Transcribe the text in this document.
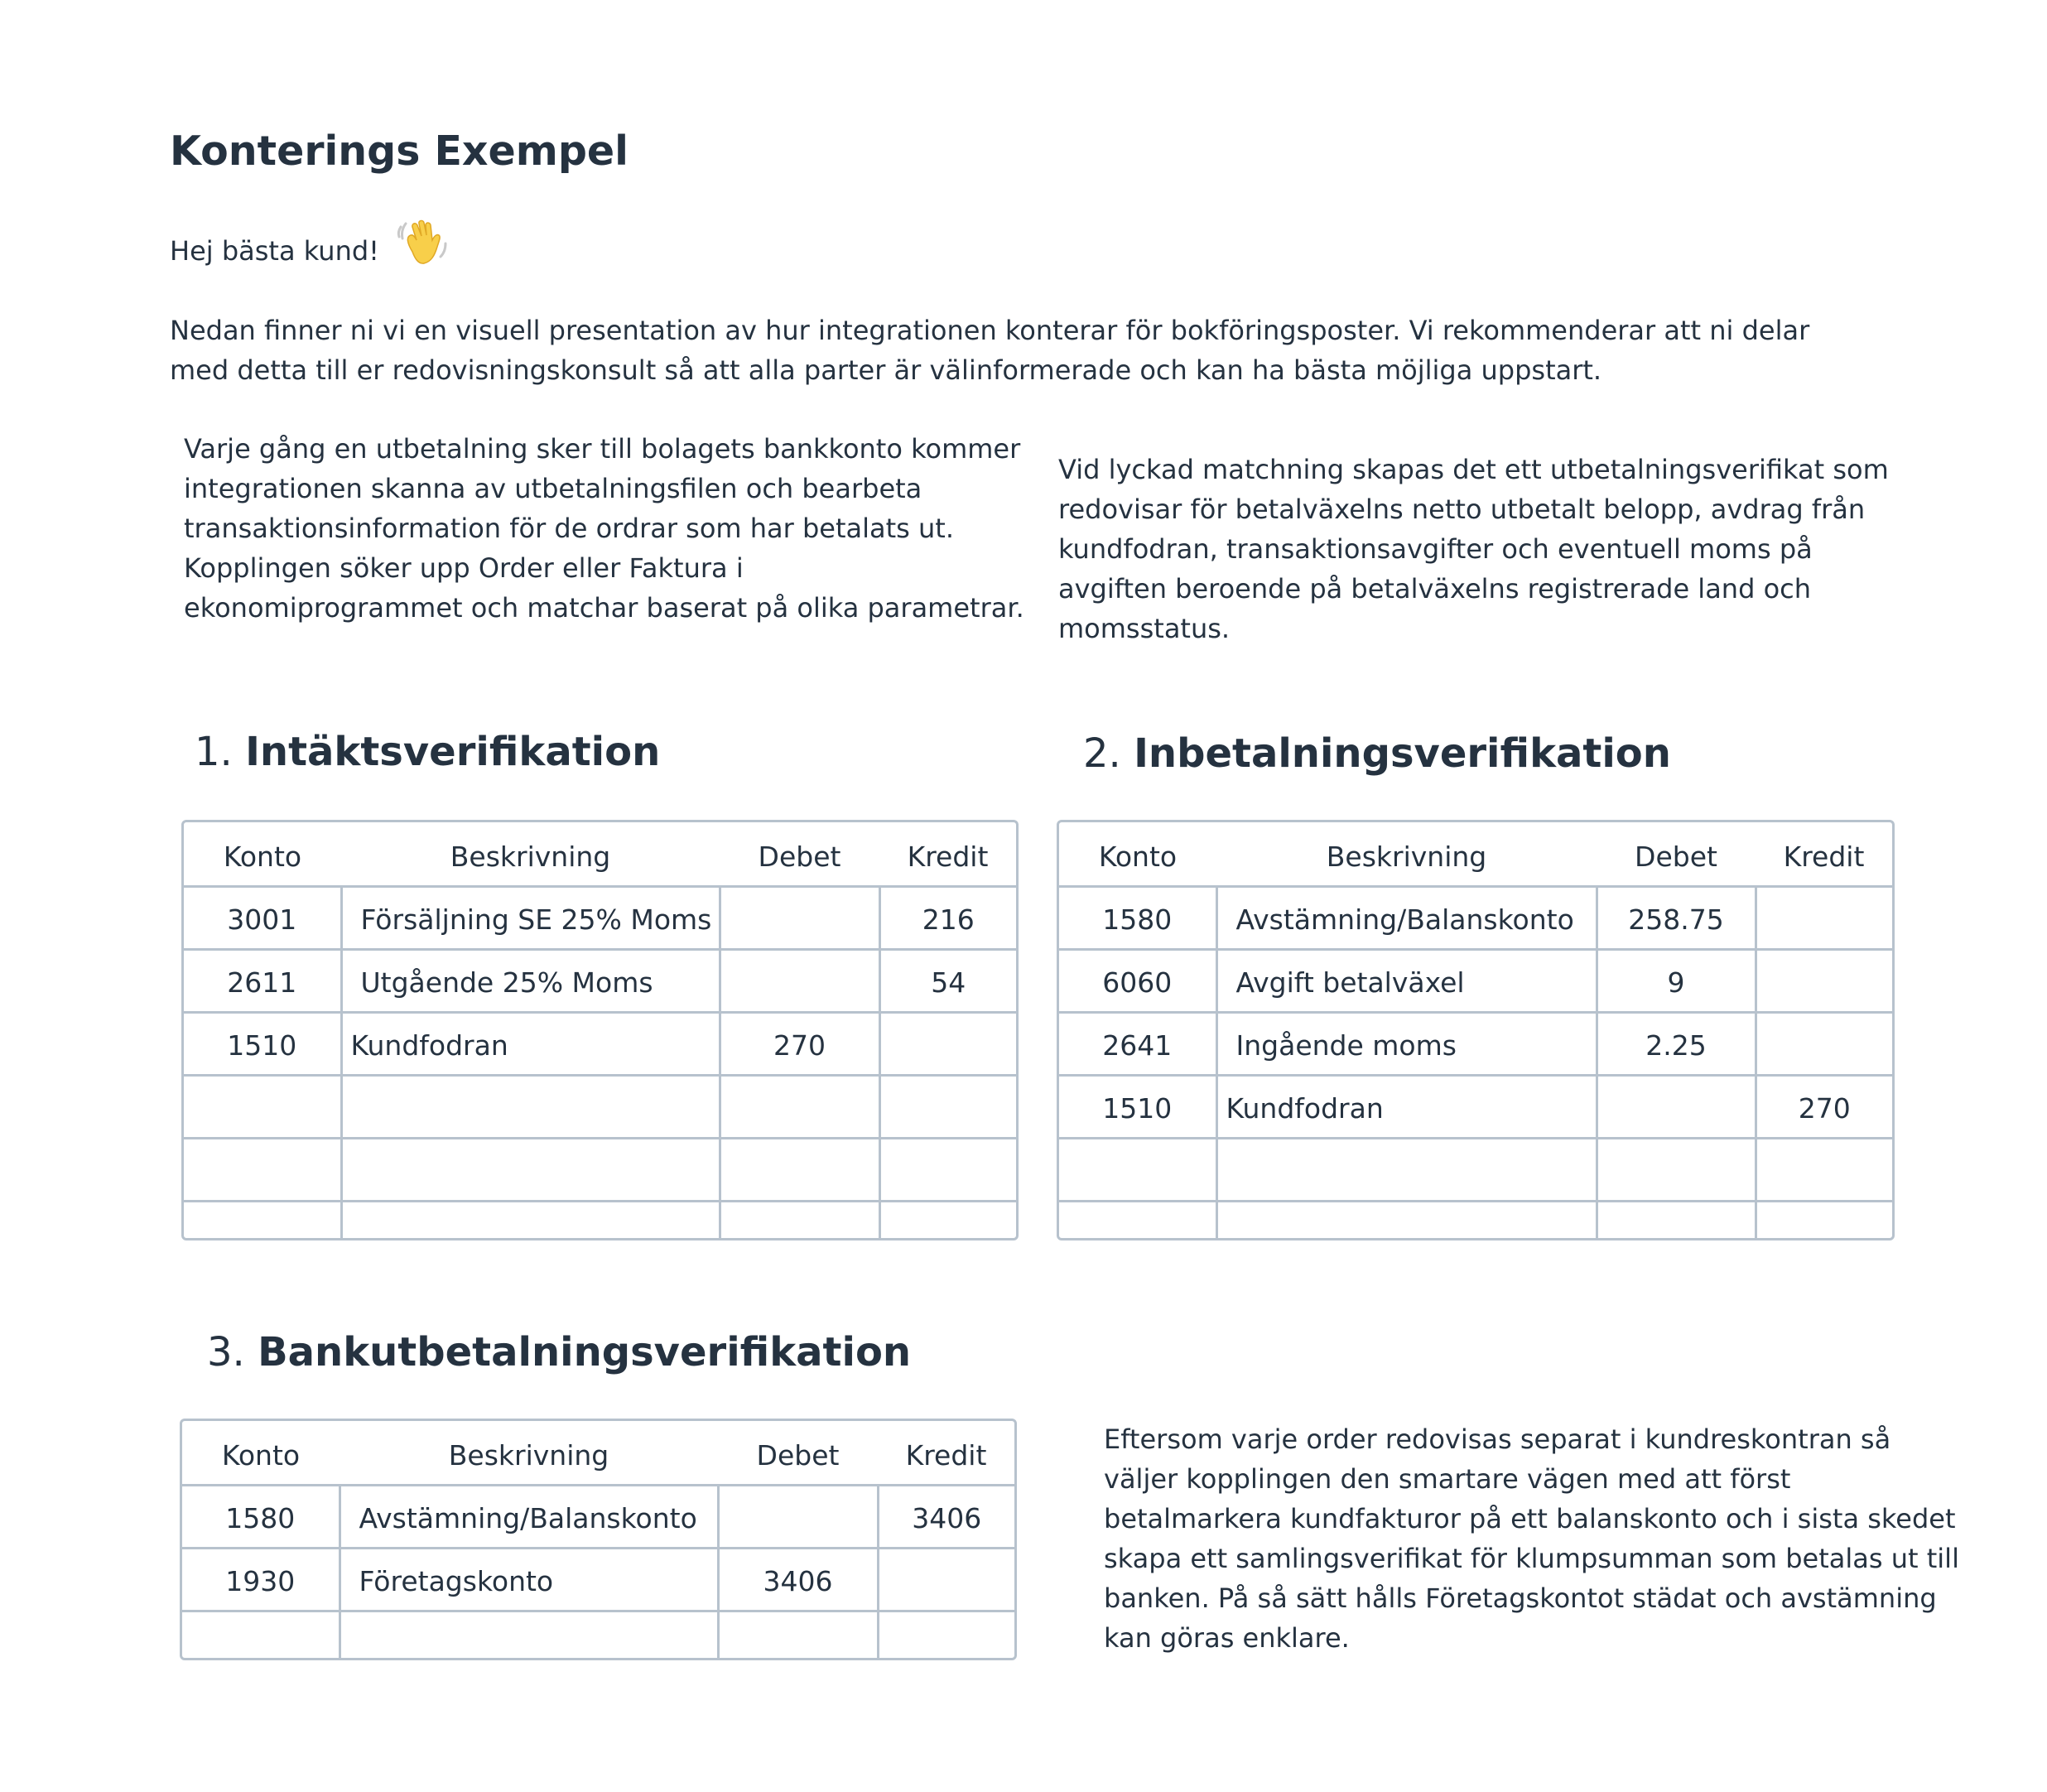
Konterings Exempel
Hej bästa kund!

Nedan finner ni vi en visuell presentation av hur integrationen konterar för bokföringsposter. Vi rekommenderar att ni delar med detta till er redovisningskonsult så att alla parter är välinformerade och kan ha bästa möjliga uppstart.

Varje gång en utbetalning sker till bolagets bankkonto kommer integrationen skanna av utbetalningsfilen och bearbeta transaktionsinformation för de ordrar som har betalats ut. Kopplingen söker upp Order eller Faktura i ekonomiprogrammet och matchar baserat på olika parametrar.

Vid lyckad matchning skapas det ett utbetalningsverifikat som redovisar för betalväxelns netto utbetalt belopp, avdrag från kundfodran, transaktionsavgifter och eventuell moms på avgiften beroende på betalväxelns registrerade land och momsstatus.

1. Intäktsverifikation
Konto	Beskrivning	Debet	Kredit
3001	Försäljning SE 25% Moms		216
2611	Utgående 25% Moms		54
1510	Kundfodran	270	

2. Inbetalningsverifikation
Konto	Beskrivning	Debet	Kredit
1580	Avstämning/Balanskonto	258.75	
6060	Avgift betalväxel	9	
2641	Ingående moms	2.25	
1510	Kundfodran		270

3. Bankutbetalningsverifikation
Konto	Beskrivning	Debet	Kredit
1580	Avstämning/Balanskonto		3406
1930	Företagskonto	3406	

Eftersom varje order redovisas separat i kundreskontran så väljer kopplingen den smartare vägen med att först betalmarkera kundfakturor på ett balanskonto och i sista skedet skapa ett samlingsverifikat för klumpsumman som betalas ut till banken. På så sätt hålls Företagskontot städat och avstämning kan göras enklare.
